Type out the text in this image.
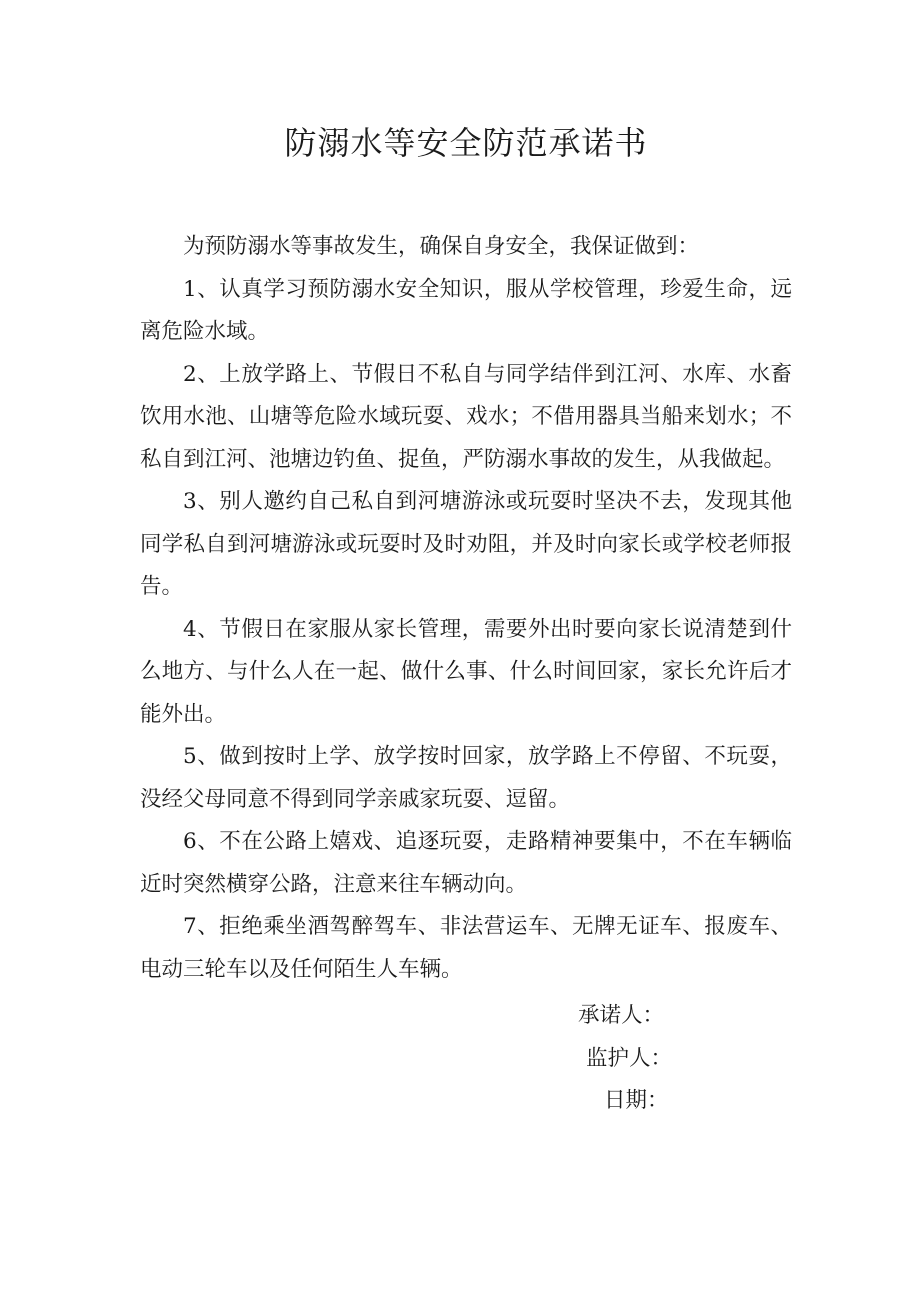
防溺水等安全防范承诺书

为预防溺水等事故发生，确保自身安全，我保证做到：

1、认真学习预防溺水安全知识，服从学校管理，珍爱生命，远离危险水域。

2、上放学路上、节假日不私自与同学结伴到江河、水库、水畜饮用水池、山塘等危险水域玩耍、戏水；不借用器具当船来划水；不私自到江河、池塘边钓鱼、捉鱼，严防溺水事故的发生，从我做起。

3、别人邀约自己私自到河塘游泳或玩耍时坚决不去，发现其他同学私自到河塘游泳或玩耍时及时劝阻，并及时向家长或学校老师报告。

4、节假日在家服从家长管理，需要外出时要向家长说清楚到什么地方、与什么人在一起、做什么事、什么时间回家，家长允许后才能外出。

5、做到按时上学、放学按时回家，放学路上不停留、不玩耍，没经父母同意不得到同学亲戚家玩耍、逗留。

6、不在公路上嬉戏、追逐玩耍，走路精神要集中，不在车辆临近时突然横穿公路，注意来往车辆动向。

7、拒绝乘坐酒驾醉驾车、非法营运车、无牌无证车、报废车、电动三轮车以及任何陌生人车辆。

承诺人：
监护人：
日期：
